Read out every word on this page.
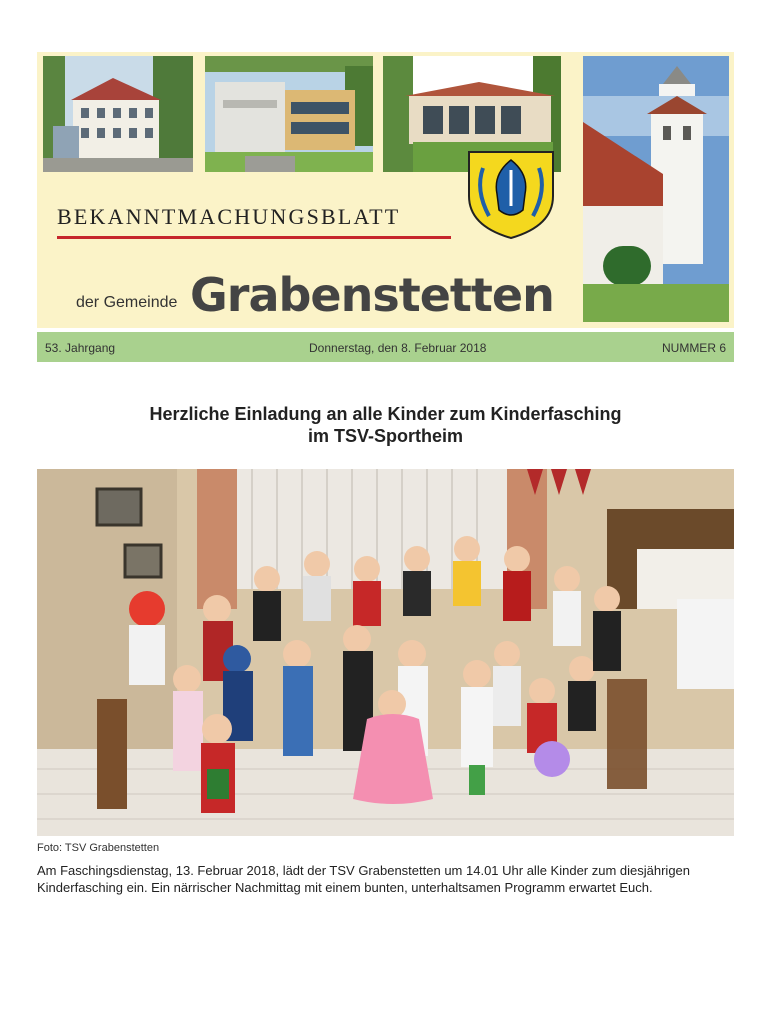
BEKANNTMACHUNGSBLATT

der Gemeinde Grabenstetten
53. Jahrgang	Donnerstag, den 8. Februar 2018	NUMMER 6
Herzliche Einladung an alle Kinder zum Kinderfasching
im TSV-Sportheim
Foto: TSV Grabenstetten
Am Faschingsdienstag, 13. Februar 2018, lädt der TSV Grabenstetten um 14.01 Uhr alle Kinder zum diesjährigen
Kinderfasching ein. Ein närrischer Nachmittag mit einem bunten, unterhaltsamen Programm erwartet Euch.
